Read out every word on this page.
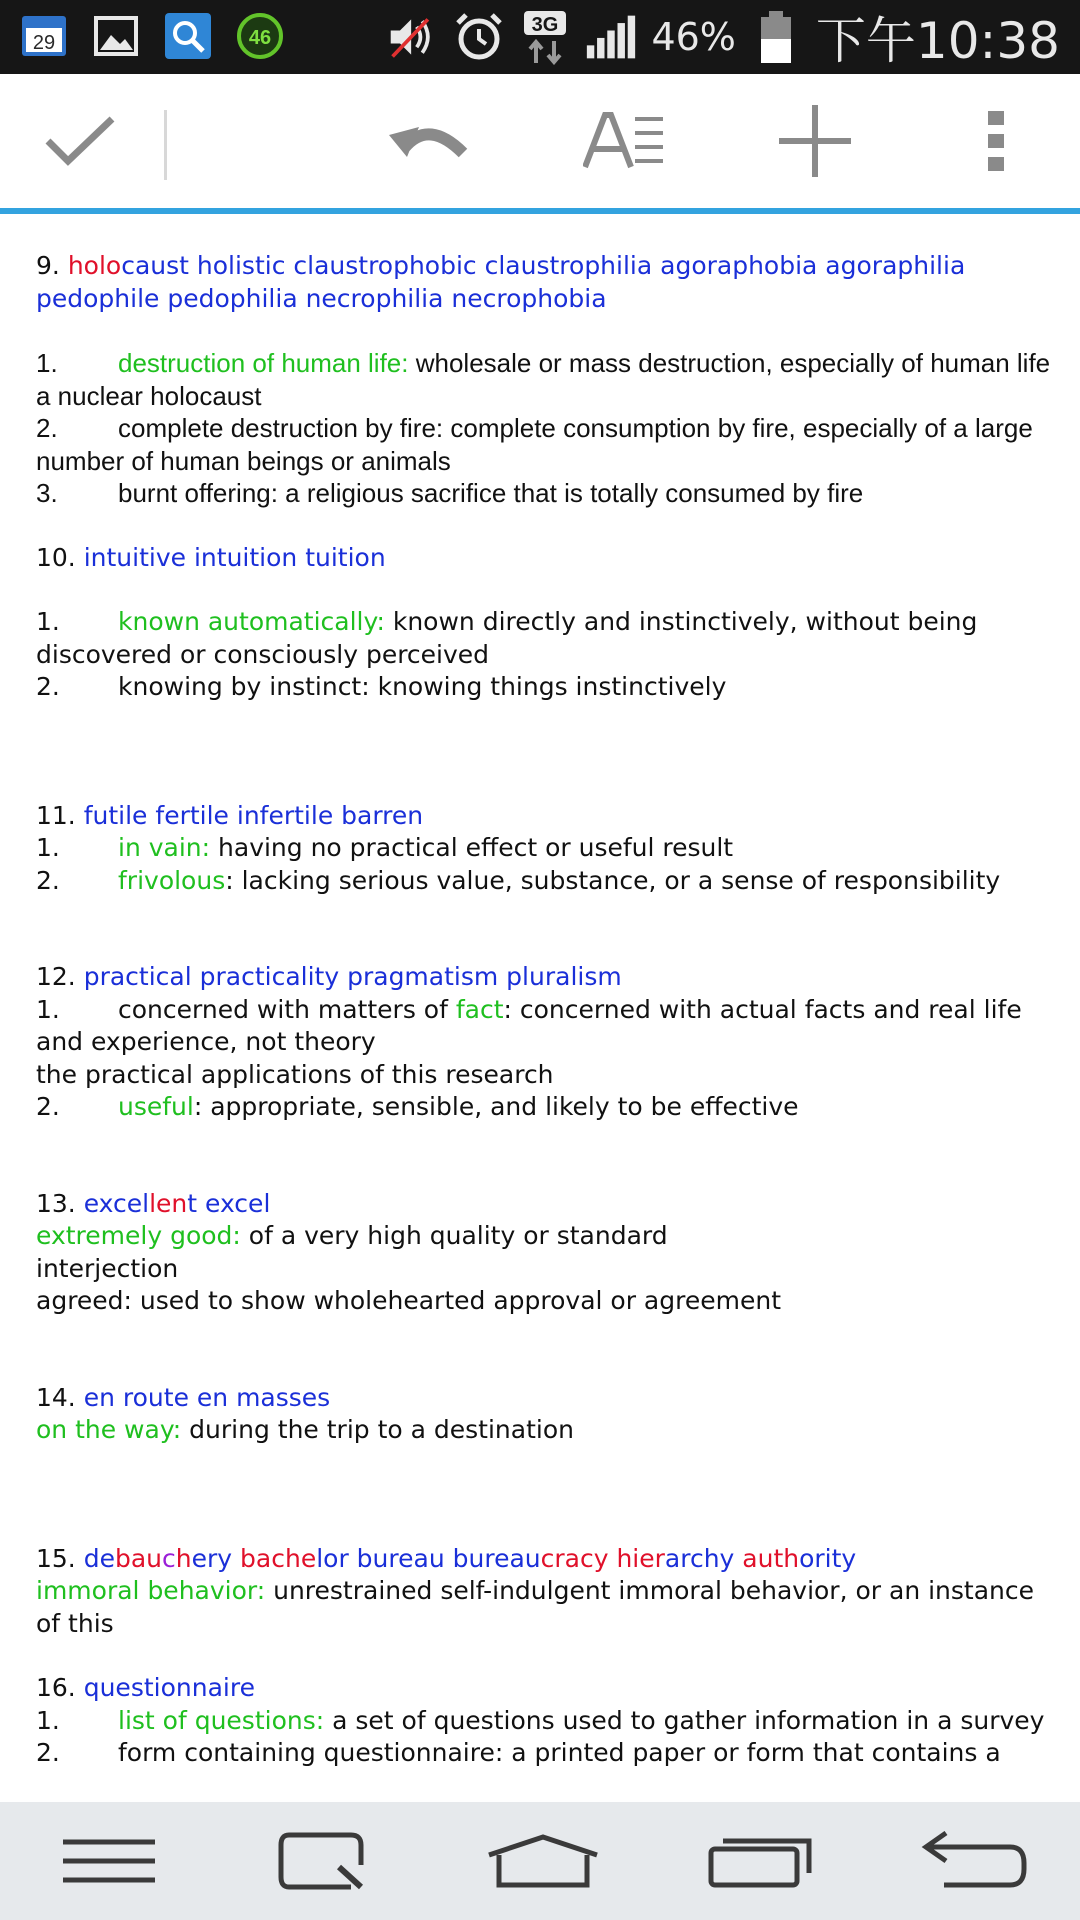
29	46
3G 46% 下午10:38

9. holocaust holistic claustrophobic claustrophilia agoraphobia agoraphilia pedophile pedophilia necrophilia necrophobia

1. destruction of human life: wholesale or mass destruction, especially of human life

a nuclear holocaust

2. complete destruction by fire: complete consumption by fire, especially of a large number of human beings or animals

3. burnt offering: a religious sacrifice that is totally consumed by fire

10. intuitive intuition tuition

1. known automatically: known directly and instinctively, without being discovered or consciously perceived

2. knowing by instinct: knowing things instinctively

11. futile fertile infertile barren

1. in vain: having no practical effect or useful result

2. frivolous: lacking serious value, substance, or a sense of responsibility

12. practical practicality pragmatism pluralism

1. concerned with matters of fact: concerned with actual facts and real life and experience, not theory

the practical applications of this research

2. useful: appropriate, sensible, and likely to be effective

13. excellent excel

extremely good: of a very high quality or standard

interjection

agreed: used to show wholehearted approval or agreement

14. en route en masses

on the way: during the trip to a destination

15. debauchery bachelor bureau bureaucracy hierarchy authority

immoral behavior: unrestrained self-indulgent immoral behavior, or an instance of this

16. questionnaire

1. list of questions: a set of questions used to gather information in a survey

2. form containing questionnaire: a printed paper or form that contains a
